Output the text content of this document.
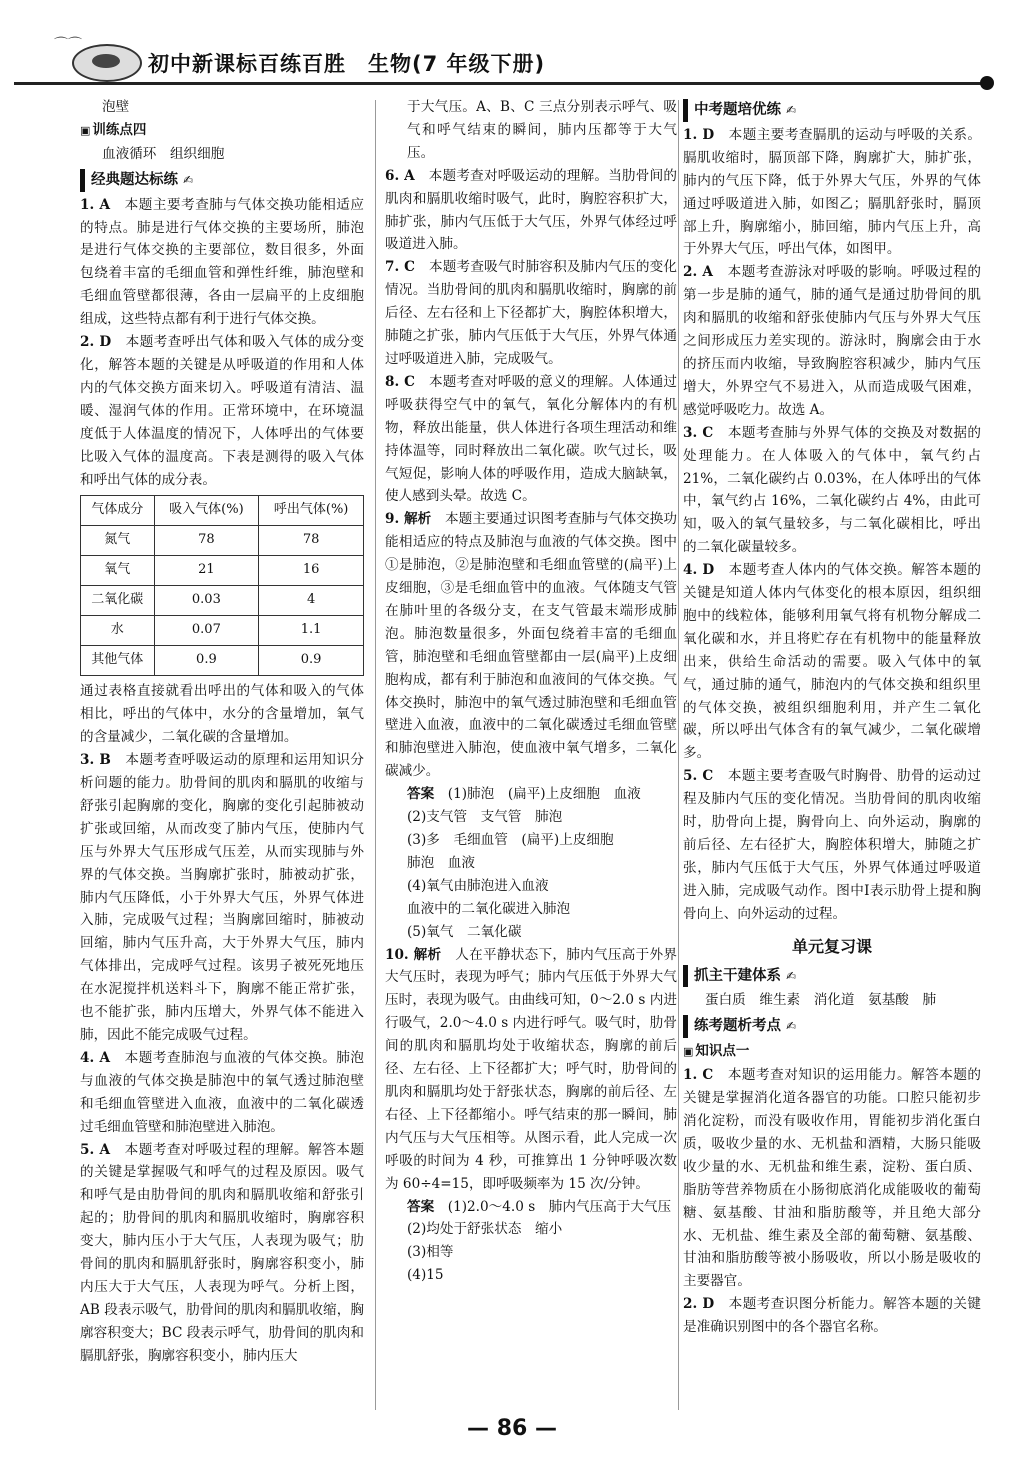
⌒⌒
初中新课标百练百胜　生物(7 年级下册)

泡壁

▣ 训练点四

血液循环　组织细胞

经典题达标练 ✍

1. A　 本题主要考查肺与气体交换功能相适应的特点。肺是进行气体交换的主要场所，肺泡是进行气体交换的主要部位，数目很多，外面包绕着丰富的毛细血管和弹性纤维，肺泡壁和毛细血管壁都很薄，各由一层扁平的上皮细胞组成，这些特点都有利于进行气体交换。

2. D　 本题考查呼出气体和吸入气体的成分变化，解答本题的关键是从呼吸道的作用和人体内的气体交换方面来切入。呼吸道有清洁、温暖、湿润气体的作用。正常环境中，在环境温度低于人体温度的情况下，人体呼出的气体要比吸入气体的温度高。下表是测得的吸入气体和呼出气体的成分表。

气体成分	吸入气体(%)	呼出气体(%)
氮气	78	78
氧气	21	16
二氧化碳	0.03	4
水	0.07	1.1
其他气体	0.9	0.9

通过表格直接就看出呼出的气体和吸入的气体相比，呼出的气体中，水分的含量增加，氧气的含量减少，二氧化碳的含量增加。

3. B　 本题考查呼吸运动的原理和运用知识分析问题的能力。肋骨间的肌肉和膈肌的收缩与舒张引起胸廓的变化，胸廓的变化引起肺被动扩张或回缩，从而改变了肺内气压，使肺内气压与外界大气压形成气压差，从而实现肺与外界的气体交换。当胸廓扩张时，肺被动扩张，肺内气压降低，小于外界大气压，外界气体进入肺，完成吸气过程；当胸廓回缩时，肺被动回缩，肺内气压升高，大于外界大气压，肺内气体排出，完成呼气过程。该男子被死死地压在水泥搅拌机送料斗下，胸廓不能正常扩张，也不能扩张，肺内压增大，外界气体不能进入肺，因此不能完成吸气过程。

4. A　 本题考查肺泡与血液的气体交换。肺泡与血液的气体交换是肺泡中的氧气透过肺泡壁和毛细血管壁进入血液，血液中的二氧化碳透过毛细血管壁和肺泡壁进入肺泡。

5. A　 本题考查对呼吸过程的理解。解答本题的关键是掌握吸气和呼气的过程及原因。吸气和呼气是由肋骨间的肌肉和膈肌收缩和舒张引起的；肋骨间的肌肉和膈肌收缩时，胸廓容积变大，肺内压小于大气压，人表现为吸气；肋骨间的肌肉和膈肌舒张时，胸廓容积变小，肺内压大于大气压，人表现为呼气。分析上图，AB 段表示吸气，肋骨间的肌肉和膈肌收缩，胸廓容积变大；BC 段表示呼气，肋骨间的肌肉和膈肌舒张，胸廓容积变小，肺内压大

于大气压。A、B、C 三点分别表示呼气、吸气和呼气结束的瞬间，肺内压都等于大气压。

6. A　 本题考查对呼吸运动的理解。当肋骨间的肌肉和膈肌收缩时吸气，此时，胸腔容积扩大，肺扩张，肺内气压低于大气压，外界气体经过呼吸道进入肺。

7. C　 本题考查吸气时肺容积及肺内气压的变化情况。当肋骨间的肌肉和膈肌收缩时，胸廓的前后径、左右径和上下径都扩大，胸腔体积增大，肺随之扩张，肺内气压低于大气压，外界气体通过呼吸道进入肺，完成吸气。

8. C　 本题考查对呼吸的意义的理解。人体通过呼吸获得空气中的氧气，氧化分解体内的有机物，释放出能量，供人体进行各项生理活动和维持体温等，同时释放出二氧化碳。吹气过长，吸气短促，影响人体的呼吸作用，造成大脑缺氧，使人感到头晕。故选 C。

9. 解析　 本题主要通过识图考查肺与气体交换功能相适应的特点及肺泡与血液的气体交换。图中①是肺泡，②是肺泡壁和毛细血管壁的(扁平)上皮细胞，③是毛细血管中的血液。气体随支气管在肺叶里的各级分支，在支气管最末端形成肺泡。肺泡数量很多，外面包绕着丰富的毛细血管，肺泡壁和毛细血管壁都由一层(扁平)上皮细胞构成，都有利于肺泡和血液间的气体交换。气体交换时，肺泡中的氧气透过肺泡壁和毛细血管壁进入血液，血液中的二氧化碳透过毛细血管壁和肺泡壁进入肺泡，使血液中氧气增多，二氧化碳减少。

答案　 (1)肺泡　(扁平)上皮细胞　血液

(2)支气管　支气管　肺泡

(3)多　毛细血管　(扁平)上皮细胞

肺泡　血液

(4)氧气由肺泡进入血液

血液中的二氧化碳进入肺泡

(5)氧气　二氧化碳

10. 解析　 人在平静状态下，肺内气压高于外界大气压时，表现为呼气；肺内气压低于外界大气压时，表现为吸气。由曲线可知，0～2.0 s 内进行吸气，2.0～4.0 s 内进行呼气。吸气时，肋骨间的肌肉和膈肌均处于收缩状态，胸廓的前后径、左右径、上下径都扩大；呼气时，肋骨间的肌肉和膈肌均处于舒张状态，胸廓的前后径、左右径、上下径都缩小。呼气结束的那一瞬间，肺内气压与大气压相等。从图示看，此人完成一次呼吸的时间为 4 秒，可推算出 1 分钟呼吸次数为 60÷4=15，即呼吸频率为 15 次/分钟。

答案　 (1)2.0～4.0 s　肺内气压高于大气压

(2)均处于舒张状态　缩小

(3)相等

(4)15

中考题培优练 ✍

1. D　 本题主要考查膈肌的运动与呼吸的关系。膈肌收缩时，膈顶部下降，胸廓扩大，肺扩张，肺内的气压下降，低于外界大气压，外界的气体通过呼吸道进入肺，如图乙；膈肌舒张时，膈顶部上升，胸廓缩小，肺回缩，肺内气压上升，高于外界大气压，呼出气体，如图甲。

2. A　 本题考查游泳对呼吸的影响。呼吸过程的第一步是肺的通气，肺的通气是通过肋骨间的肌肉和膈肌的收缩和舒张使肺内气压与外界大气压之间形成压力差实现的。游泳时，胸廓会由于水的挤压而内收缩，导致胸腔容积减少，肺内气压增大，外界空气不易进入，从而造成吸气困难，感觉呼吸吃力。故选 A。

3. C　 本题考查肺与外界气体的交换及对数据的处理能力。在人体吸入的气体中，氧气约占 21%，二氧化碳约占 0.03%，在人体呼出的气体中，氧气约占 16%，二氧化碳约占 4%，由此可知，吸入的氧气量较多，与二氧化碳相比，呼出的二氧化碳量较多。

4. D　 本题考查人体内的气体交换。解答本题的关键是知道人体内气体变化的根本原因，组织细胞中的线粒体，能够利用氧气将有机物分解成二氧化碳和水，并且将贮存在有机物中的能量释放出来，供给生命活动的需要。吸入气体中的氧气，通过肺的通气，肺泡内的气体交换和组织里的气体交换，被组织细胞利用，并产生二氧化碳，所以呼出气体含有的氧气减少，二氧化碳增多。

5. C　 本题主要考查吸气时胸骨、肋骨的运动过程及肺内气压的变化情况。当肋骨间的肌肉收缩时，肋骨向上提，胸骨向上、向外运动，胸廓的前后径、左右径扩大，胸腔体积增大，肺随之扩张，肺内气压低于大气压，外界气体通过呼吸道进入肺，完成吸气动作。图中Ⅰ表示肋骨上提和胸骨向上、向外运动的过程。

单元复习课
抓主干建体系 ✍

蛋白质　维生素　消化道　氨基酸　肺

练考题析考点 ✍
▣ 知识点一

1. C　 本题考查对知识的运用能力。解答本题的关键是掌握消化道各器官的功能。口腔只能初步消化淀粉，而没有吸收作用，胃能初步消化蛋白质，吸收少量的水、无机盐和酒精，大肠只能吸收少量的水、无机盐和维生素，淀粉、蛋白质、脂肪等营养物质在小肠彻底消化成能吸收的葡萄糖、氨基酸、甘油和脂肪酸等，并且绝大部分水、无机盐、维生素及全部的葡萄糖、氨基酸、甘油和脂肪酸等被小肠吸收，所以小肠是吸收的主要器官。

2. D　 本题考查识图分析能力。解答本题的关键是准确识别图中的各个器官名称。

— 86 —
